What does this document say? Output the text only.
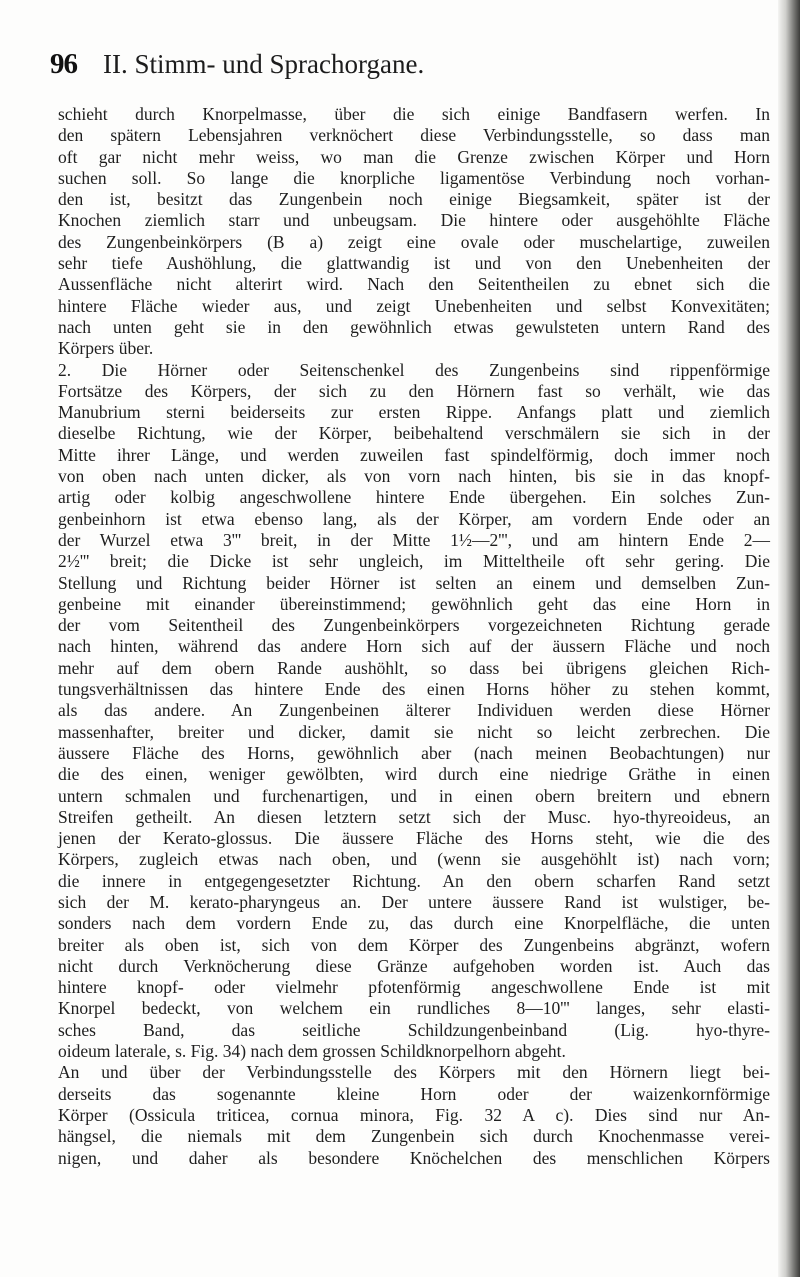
96 II. Stimm- und Sprachorgane.
schieht durch Knorpelmasse, über die sich einige Bandfasern werfen. In
den spätern Lebensjahren verknöchert diese Verbindungsstelle, so dass man
oft gar nicht mehr weiss, wo man die Grenze zwischen Körper und Horn
suchen soll. So lange die knorpliche ligamentöse Verbindung noch vorhan-
den ist, besitzt das Zungenbein noch einige Biegsamkeit, später ist der
Knochen ziemlich starr und unbeugsam. Die hintere oder ausgehöhlte Fläche
des Zungenbeinkörpers (B a) zeigt eine ovale oder muschelartige, zuweilen
sehr tiefe Aushöhlung, die glattwandig ist und von den Unebenheiten der
Aussenfläche nicht alterirt wird. Nach den Seitentheilen zu ebnet sich die
hintere Fläche wieder aus, und zeigt Unebenheiten und selbst Konvexitäten;
nach unten geht sie in den gewöhnlich etwas gewulsteten untern Rand des
Körpers über.
2. Die Hörner oder Seitenschenkel des Zungenbeins sind rippenförmige
Fortsätze des Körpers, der sich zu den Hörnern fast so verhält, wie das
Manubrium sterni beiderseits zur ersten Rippe. Anfangs platt und ziemlich
dieselbe Richtung, wie der Körper, beibehaltend verschmälern sie sich in der
Mitte ihrer Länge, und werden zuweilen fast spindelförmig, doch immer noch
von oben nach unten dicker, als von vorn nach hinten, bis sie in das knopf-
artig oder kolbig angeschwollene hintere Ende übergehen. Ein solches Zun-
genbeinhorn ist etwa ebenso lang, als der Körper, am vordern Ende oder an
der Wurzel etwa 3''' breit, in der Mitte 1½—2''', und am hintern Ende 2—
2½''' breit; die Dicke ist sehr ungleich, im Mitteltheile oft sehr gering. Die
Stellung und Richtung beider Hörner ist selten an einem und demselben Zun-
genbeine mit einander übereinstimmend; gewöhnlich geht das eine Horn in
der vom Seitentheil des Zungenbeinkörpers vorgezeichneten Richtung gerade
nach hinten, während das andere Horn sich auf der äussern Fläche und noch
mehr auf dem obern Rande aushöhlt, so dass bei übrigens gleichen Rich-
tungsverhältnissen das hintere Ende des einen Horns höher zu stehen kommt,
als das andere. An Zungenbeinen älterer Individuen werden diese Hörner
massenhafter, breiter und dicker, damit sie nicht so leicht zerbrechen. Die
äussere Fläche des Horns, gewöhnlich aber (nach meinen Beobachtungen) nur
die des einen, weniger gewölbten, wird durch eine niedrige Gräthe in einen
untern schmalen und furchenartigen, und in einen obern breitern und ebnern
Streifen getheilt. An diesen letztern setzt sich der Musc. hyo-thyreoideus, an
jenen der Kerato-glossus. Die äussere Fläche des Horns steht, wie die des
Körpers, zugleich etwas nach oben, und (wenn sie ausgehöhlt ist) nach vorn;
die innere in entgegengesetzter Richtung. An den obern scharfen Rand setzt
sich der M. kerato-pharyngeus an. Der untere äussere Rand ist wulstiger, be-
sonders nach dem vordern Ende zu, das durch eine Knorpelfläche, die unten
breiter als oben ist, sich von dem Körper des Zungenbeins abgränzt, wofern
nicht durch Verknöcherung diese Gränze aufgehoben worden ist. Auch das
hintere knopf- oder vielmehr pfotenförmig angeschwollene Ende ist mit
Knorpel bedeckt, von welchem ein rundliches 8—10''' langes, sehr elasti-
sches Band, das seitliche Schildzungenbeinband (Lig. hyo-thyre-
oideum laterale, s. Fig. 34) nach dem grossen Schildknorpelhorn abgeht.
An und über der Verbindungsstelle des Körpers mit den Hörnern liegt bei-
derseits das sogenannte kleine Horn oder der waizenkornförmige
Körper (Ossicula triticea, cornua minora, Fig. 32 A c). Dies sind nur An-
hängsel, die niemals mit dem Zungenbein sich durch Knochenmasse verei-
nigen, und daher als besondere Knöchelchen des menschlichen Körpers
